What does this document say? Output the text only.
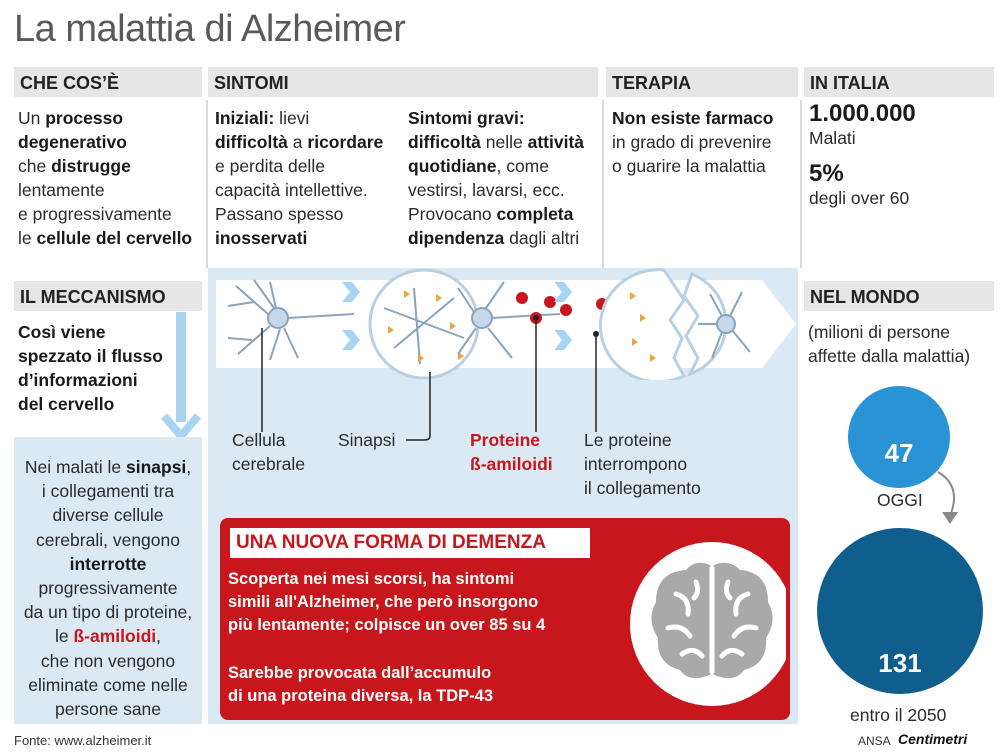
La malattia di Alzheimer
CHE COS’È	SINTOMI	TERAPIA	IN ITALIA
IL MECCANISMO	NEL MONDO
Un processo
degenerativo
che distrugge
lentamente
e progressivamente
le cellule del cervello
Iniziali: lievi
difficoltà a ricordare
e perdita delle
capacità intellettive.
Passano spesso
inosservati
Sintomi gravi:
difficoltà nelle attività
quotidiane, come
vestirsi, lavarsi, ecc.
Provocano completa
dipendenza dagli altri
Non esiste farmaco
in grado di prevenire
o guarire la malattia
1.000.000
Malati
5%
degli over 60
Così viene
spezzato il flusso
d’informazioni
del cervello
Nei malati le sinapsi,
i collegamenti tra
diverse cellule
cerebrali, vengono
interrotte
progressivamente
da un tipo di proteine,
le ß-amiloidi,
che non vengono
eliminate come nelle
persone sane
Cellula
cerebrale
Sinapsi	Proteine
ß-amiloidi
Le proteine
interrompono
il collegamento
UNA NUOVA FORMA DI DEMENZA
Scoperta nei mesi scorsi, ha sintomi
simili all'Alzheimer, che però insorgono
più lentamente; colpisce un over 85 su 4
Sarebbe provocata dall’accumulo
di una proteina diversa, la TDP-43
(milioni di persone
affette dalla malattia)
47
OGGI
131
entro il 2050
Fonte: www.alzheimer.it	ANSA Centimetri
